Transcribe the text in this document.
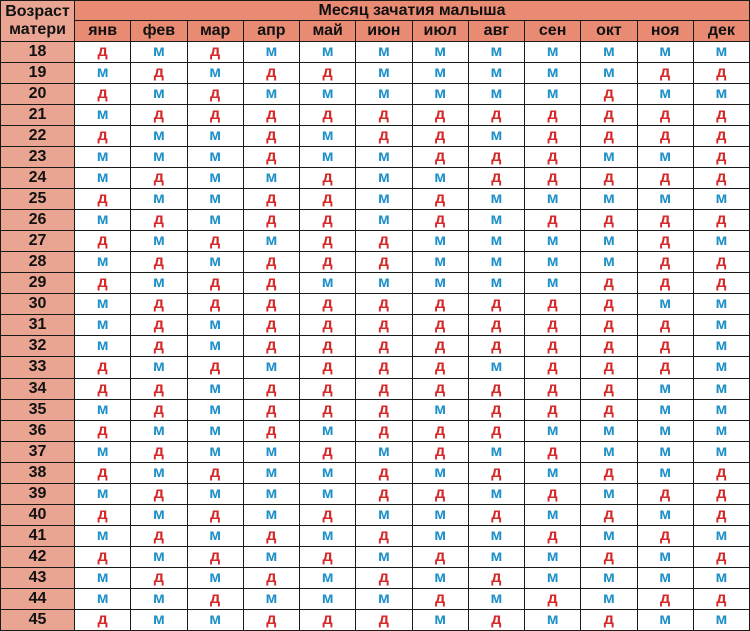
Возраст матери	Месяц зачатия малыша											
	янв	фев	мар	апр	май	июн	июл	авг	сен	окт	ноя	дек
18	д	м	д	м	м	м	м	м	м	м	м	м
19	м	д	м	д	д	м	м	м	м	м	д	д
20	д	м	д	м	м	м	м	м	м	д	м	м
21	м	д	д	д	д	д	д	д	д	д	д	д
22	д	м	м	д	м	д	д	м	д	д	д	д
23	м	м	м	д	м	м	д	д	д	м	м	д
24	м	д	м	м	д	м	м	д	д	д	д	д
25	д	м	м	д	д	м	д	м	м	м	м	м
26	м	д	м	д	д	м	д	м	д	д	д	д
27	д	м	д	м	д	д	м	м	м	м	д	м
28	м	д	м	д	д	д	м	м	м	м	д	д
29	д	м	д	д	м	м	м	м	м	д	д	д
30	м	д	д	д	д	д	д	д	д	д	м	м
31	м	д	м	д	д	д	д	д	д	д	д	м
32	м	д	м	д	д	д	д	д	д	д	д	м
33	д	м	д	м	д	д	д	м	д	д	д	м
34	д	д	м	д	д	д	д	д	д	д	м	м
35	м	д	м	д	д	д	м	д	д	д	м	м
36	д	м	м	д	м	д	д	д	м	м	м	м
37	м	д	м	м	д	м	д	м	д	м	м	м
38	д	м	д	м	м	д	м	д	м	д	м	д
39	м	д	м	м	м	д	д	м	д	м	д	д
40	д	м	д	м	д	м	м	д	м	д	м	д
41	м	д	м	д	м	д	м	м	д	м	д	м
42	д	м	д	м	д	м	д	м	м	д	м	д
43	м	д	м	д	м	д	м	д	м	м	м	м
44	м	м	д	м	м	м	д	м	д	м	д	д
45	д	м	м	д	д	д	м	д	м	д	м	м
